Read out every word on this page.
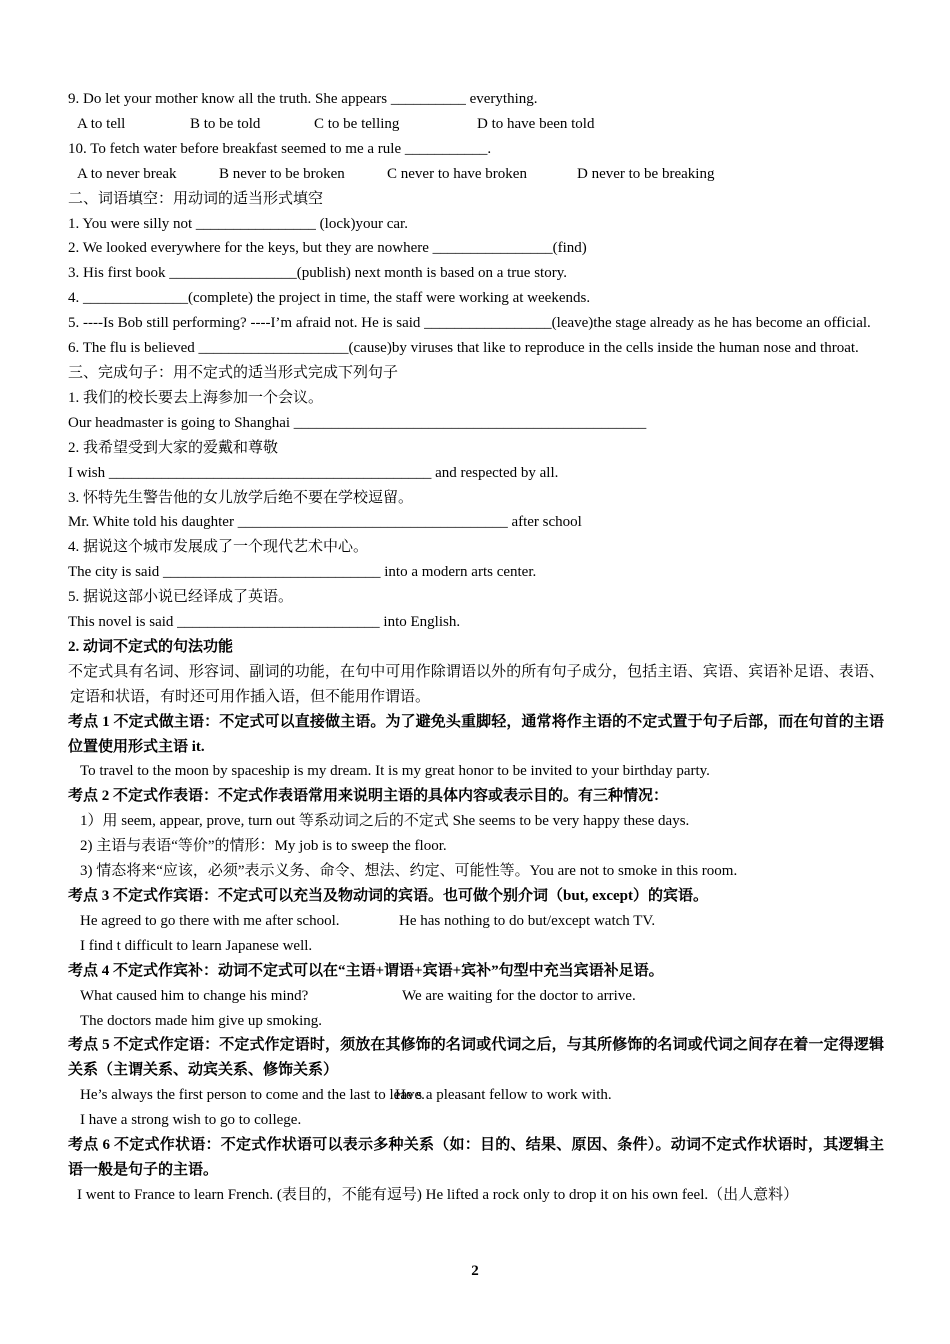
9. Do let your mother know all the truth. She appears __________ everything.
A to tell	B to be told	C to be telling	D to have been told
10. To fetch water before breakfast seemed to me a rule ___________.
A to never break	B never to be broken	C never to have broken	D never to be breaking
二、词语填空：用动词的适当形式填空
1. You were silly not ________________ (lock)your car.
2. We looked everywhere for the keys, but they are nowhere ________________(find)
3. His first book _________________(publish) next month is based on a true story.
4. ______________(complete) the project in time, the staff were working at weekends.
5. ----Is Bob still performing? ----I’m afraid not. He is said _________________(leave)the stage already as he has become an official.
6. The flu is believed ____________________(cause)by viruses that like to reproduce in the cells inside the human nose and throat.
三、完成句子：用不定式的适当形式完成下列句子
1. 我们的校长要去上海参加一个会议。
Our headmaster is going to Shanghai _______________________________________________
2. 我希望受到大家的爱戴和尊敬
I wish ___________________________________________ and respected by all.
3. 怀特先生警告他的女儿放学后绝不要在学校逗留。
Mr. White told his daughter ____________________________________ after school
4. 据说这个城市发展成了一个现代艺术中心。
The city is said _____________________________ into a modern arts center.
5. 据说这部小说已经译成了英语。
This novel is said ___________________________ into English.
2. 动词不定式的句法功能
不定式具有名词、形容词、副词的功能，在句中可用作除谓语以外的所有句子成分，包括主语、宾语、宾语补足语、表语、定语和状语，有时还可用作插入语，但不能用作谓语。
考点 1 不定式做主语：不定式可以直接做主语。为了避免头重脚轻，通常将作主语的不定式置于句子后部，而在句首的主语位置使用形式主语 it.
To travel to the moon by spaceship is my dream. It is my great honor to be invited to your birthday party.
考点 2 不定式作表语：不定式作表语常用来说明主语的具体内容或表示目的。有三种情况：
1）用 seem, appear, prove, turn out 等系动词之后的不定式 She seems to be very happy these days.
2) 主语与表语“等价”的情形：My job is to sweep the floor.
3) 情态将来“应该，必须”表示义务、命令、想法、约定、可能性等。You are not to smoke in this room.
考点 3 不定式作宾语：不定式可以充当及物动词的宾语。也可做个别介词（but, except）的宾语。
He agreed to go there with me after school.	He has nothing to do but/except watch TV.
I find t difficult to learn Japanese well.
考点 4 不定式作宾补：动词不定式可以在“主语+谓语+宾语+宾补”句型中充当宾语补足语。
What caused him to change his mind?	We are waiting for the doctor to arrive.
The doctors made him give up smoking.
考点 5 不定式作定语：不定式作定语时，须放在其修饰的名词或代词之后，与其所修饰的名词或代词之间存在着一定得逻辑关系（主谓关系、动宾关系、修饰关系）
He’s always the first person to come and the last to leave.He s a pleasant fellow to work with.
I have a strong wish to go to college.
考点 6 不定式作状语：不定式作状语可以表示多种关系（如：目的、结果、原因、条件）。动词不定式作状语时，其逻辑主语一般是句子的主语。
I went to France to learn French. (表目的，不能有逗号) He lifted a rock only to drop it on his own feel.（出人意料）
2
